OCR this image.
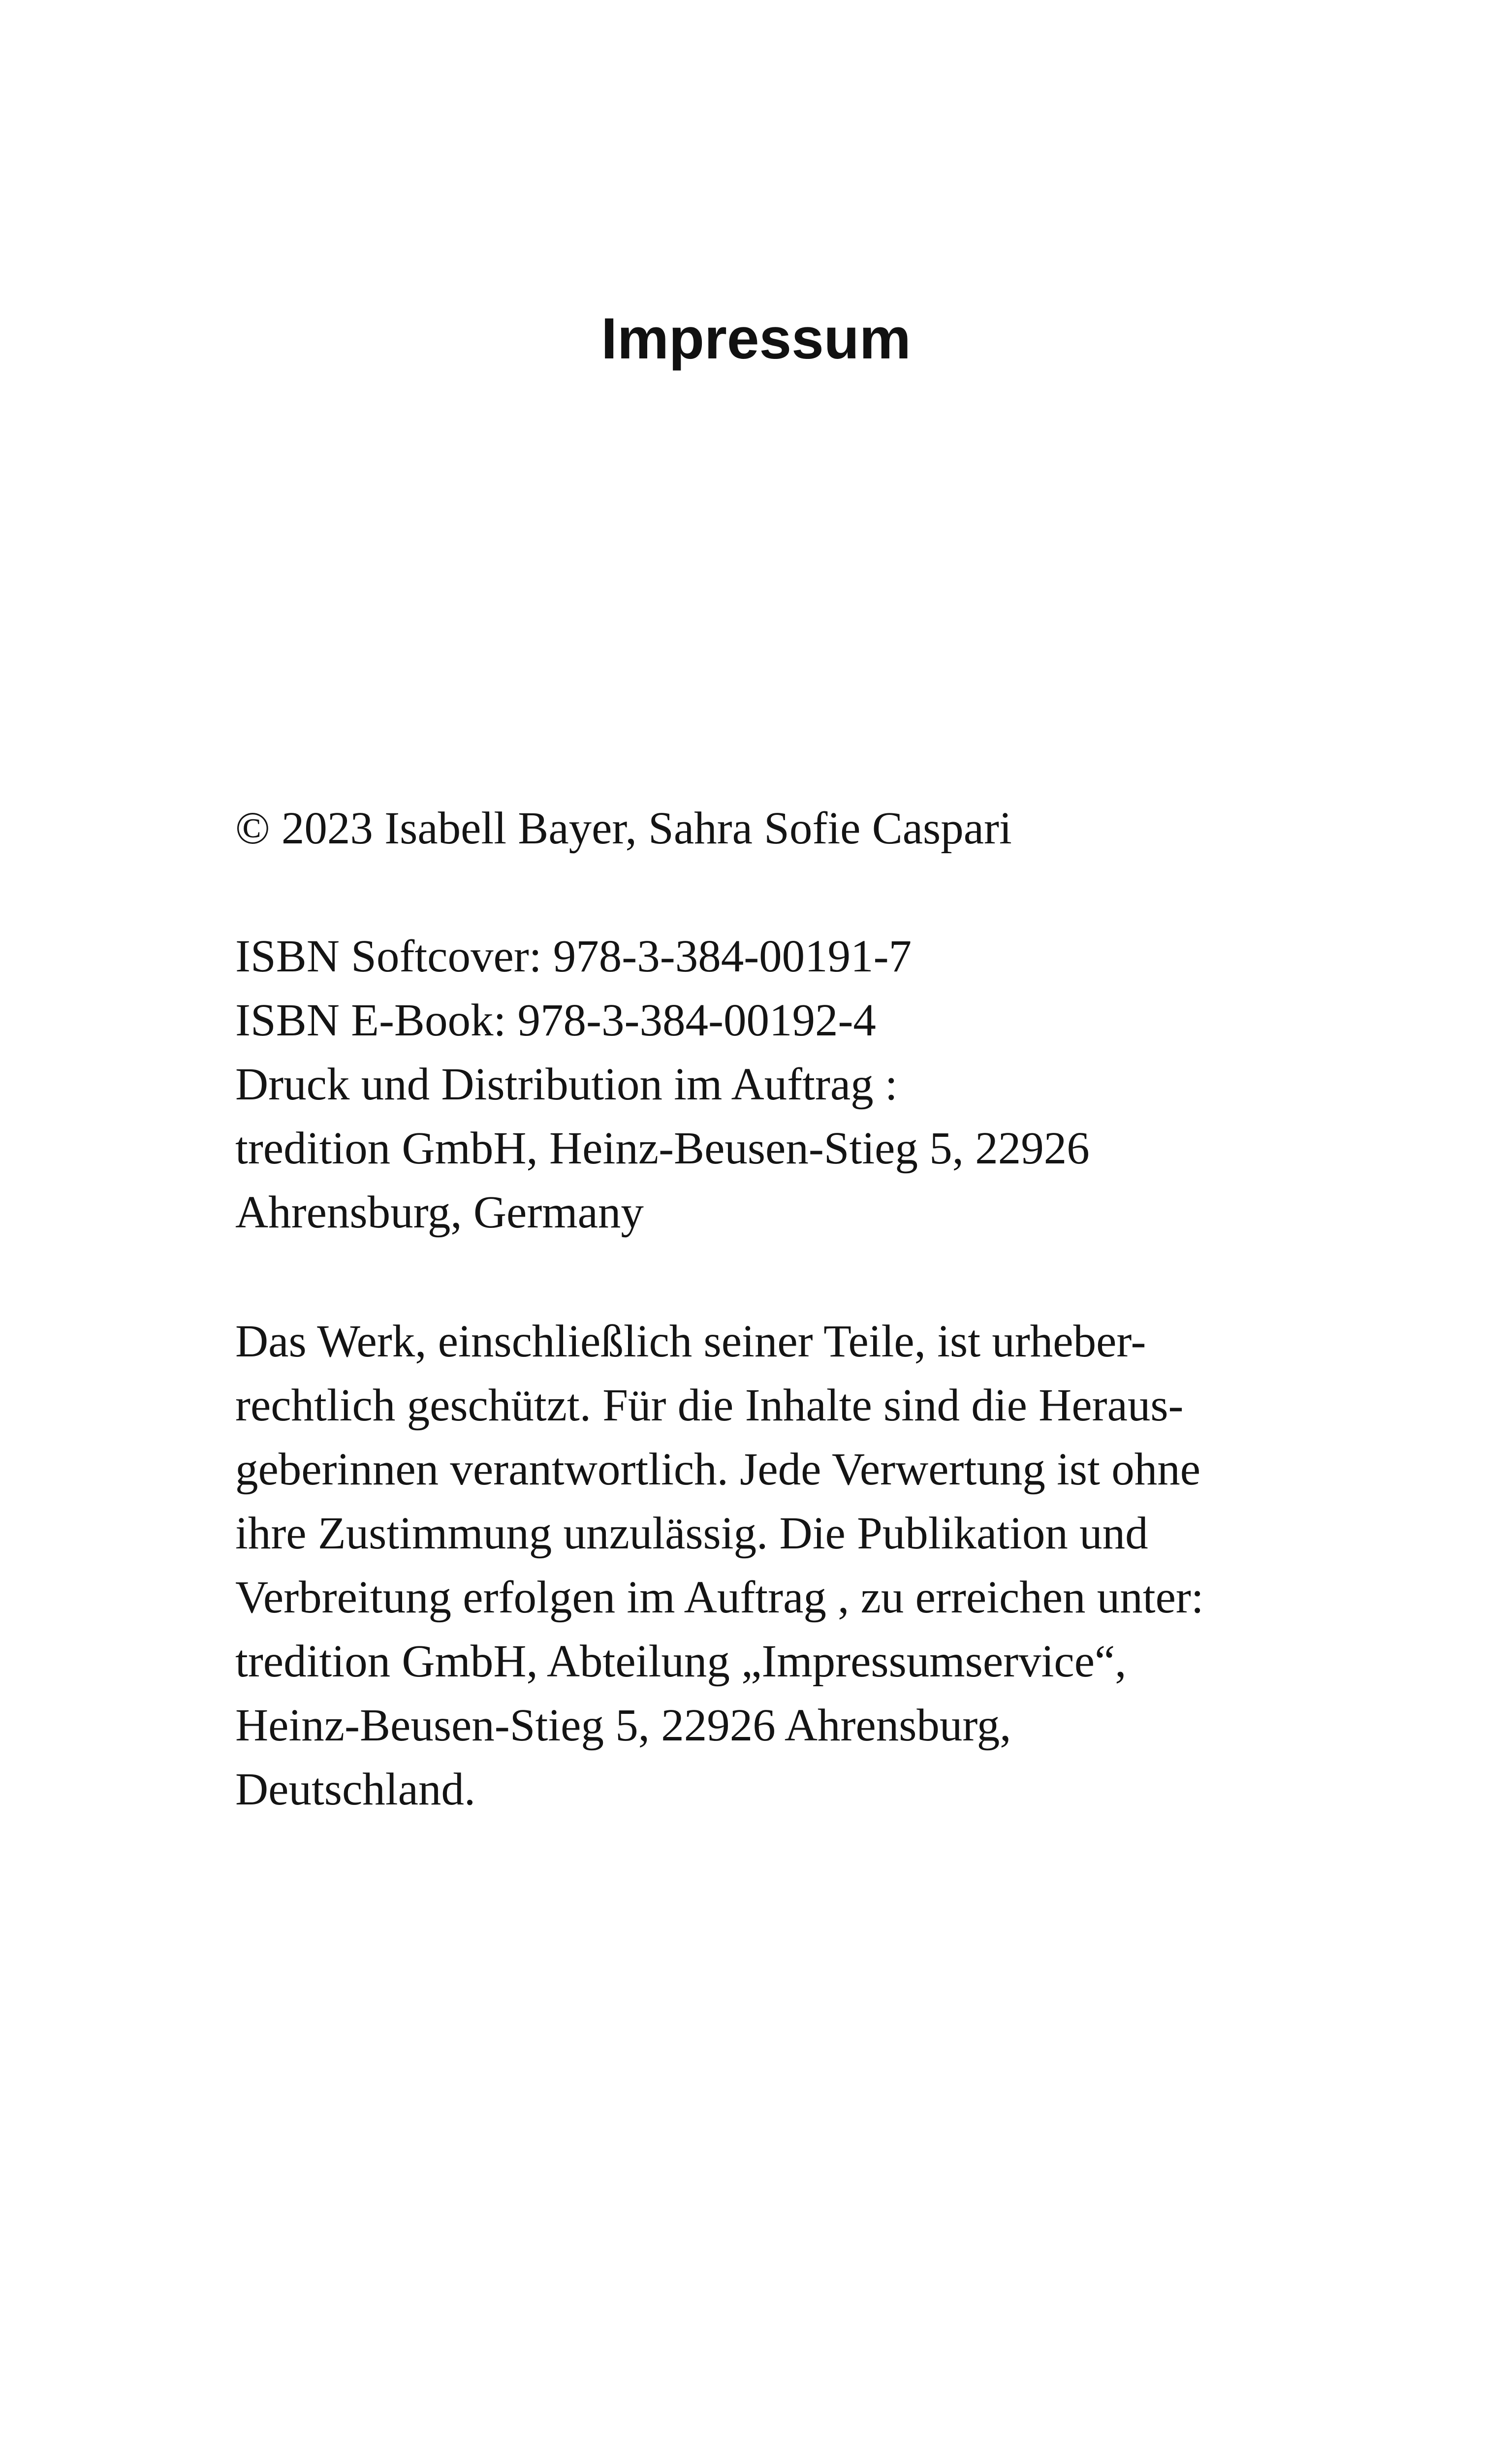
Impressum
© 2023 Isabell Bayer, Sahra Sofie Caspari
ISBN Softcover: 978-3-384-00191-7
ISBN E-Book: 978-3-384-00192-4
Druck und Distribution im Auftrag :
tredition GmbH, Heinz-Beusen-Stieg 5, 22926
Ahrensburg, Germany
Das Werk, einschließlich seiner Teile, ist urheber-
rechtlich geschützt. Für die Inhalte sind die Heraus-
geberinnen verantwortlich. Jede Verwertung ist ohne
ihre Zustimmung unzulässig. Die Publikation und
Verbreitung erfolgen im Auftrag , zu erreichen unter:
tredition GmbH, Abteilung „Impressumservice“,
Heinz-Beusen-Stieg 5, 22926 Ahrensburg,
Deutschland.
